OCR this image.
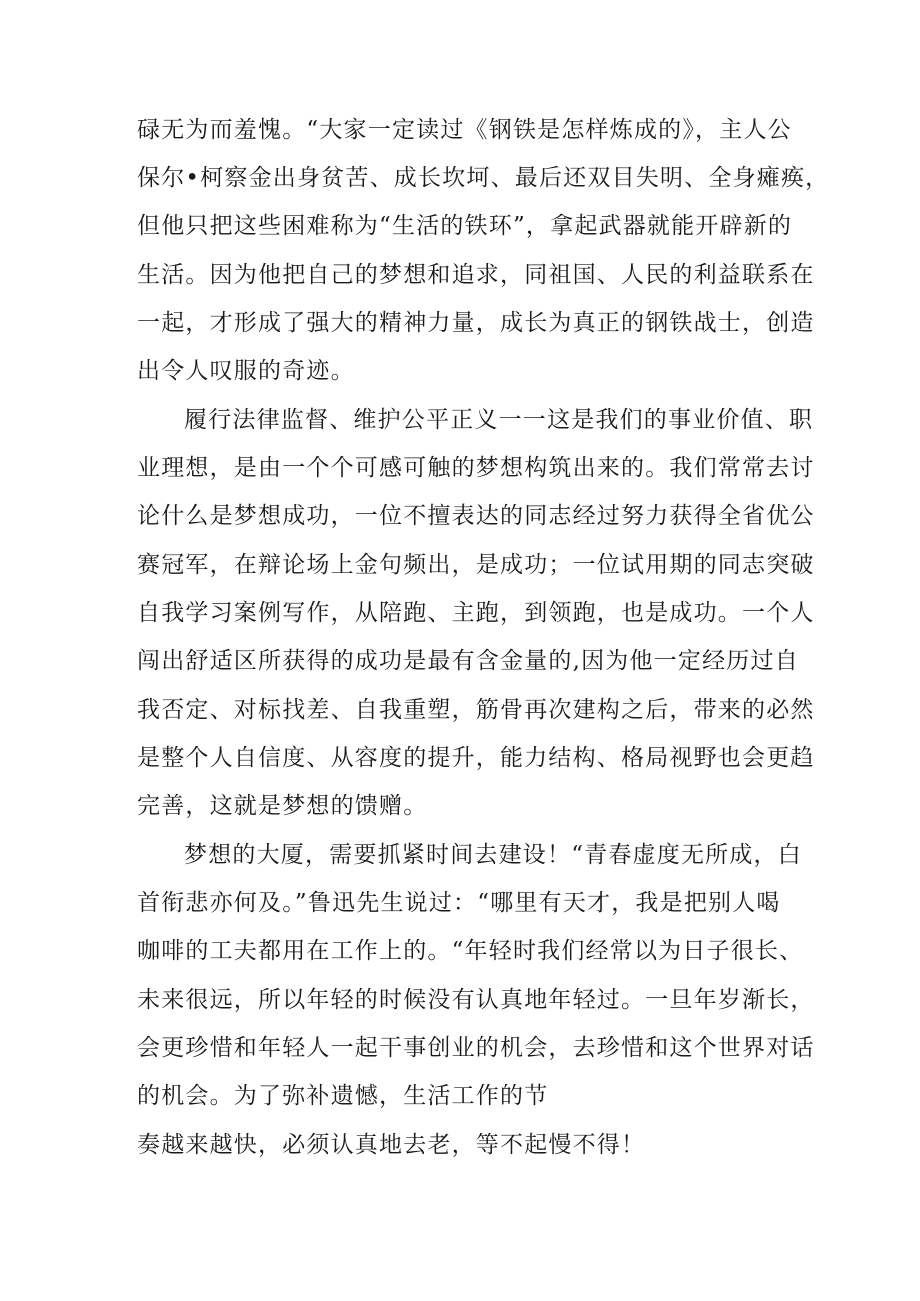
碌无为而羞愧。“大家一定读过《钢铁是怎样炼成的》，主人公
保尔•柯察金出身贫苦、成长坎坷、最后还双目失明、全身瘫痪，
但他只把这些困难称为“生活的铁环”，拿起武器就能开辟新的
生活。因为他把自己的梦想和追求，同祖国、人民的利益联系在
一起，才形成了强大的精神力量，成长为真正的钢铁战士，创造
出令人叹服的奇迹。
履行法律监督、维护公平正义一一这是我们的事业价值、职
业理想，是由一个个可感可触的梦想构筑出来的。我们常常去讨
论什么是梦想成功，一位不擅表达的同志经过努力获得全省优公
赛冠军，在辩论场上金句频出，是成功；一位试用期的同志突破
自我学习案例写作，从陪跑、主跑，到领跑，也是成功。一个人
闯出舒适区所获得的成功是最有含金量的,因为他一定经历过自
我否定、对标找差、自我重塑，筋骨再次建构之后，带来的必然
是整个人自信度、从容度的提升，能力结构、格局视野也会更趋
完善，这就是梦想的馈赠。
梦想的大厦，需要抓紧时间去建设！“青春虚度无所成，白
首衔悲亦何及。”鲁迅先生说过：“哪里有天才，我是把别人喝
咖啡的工夫都用在工作上的。“年轻时我们经常以为日子很长、
未来很远，所以年轻的时候没有认真地年轻过。一旦年岁渐长，
会更珍惜和年轻人一起干事创业的机会，去珍惜和这个世界对话
的机会。为了弥补遗憾，生活工作的节
奏越来越快，必须认真地去老，等不起慢不得！
